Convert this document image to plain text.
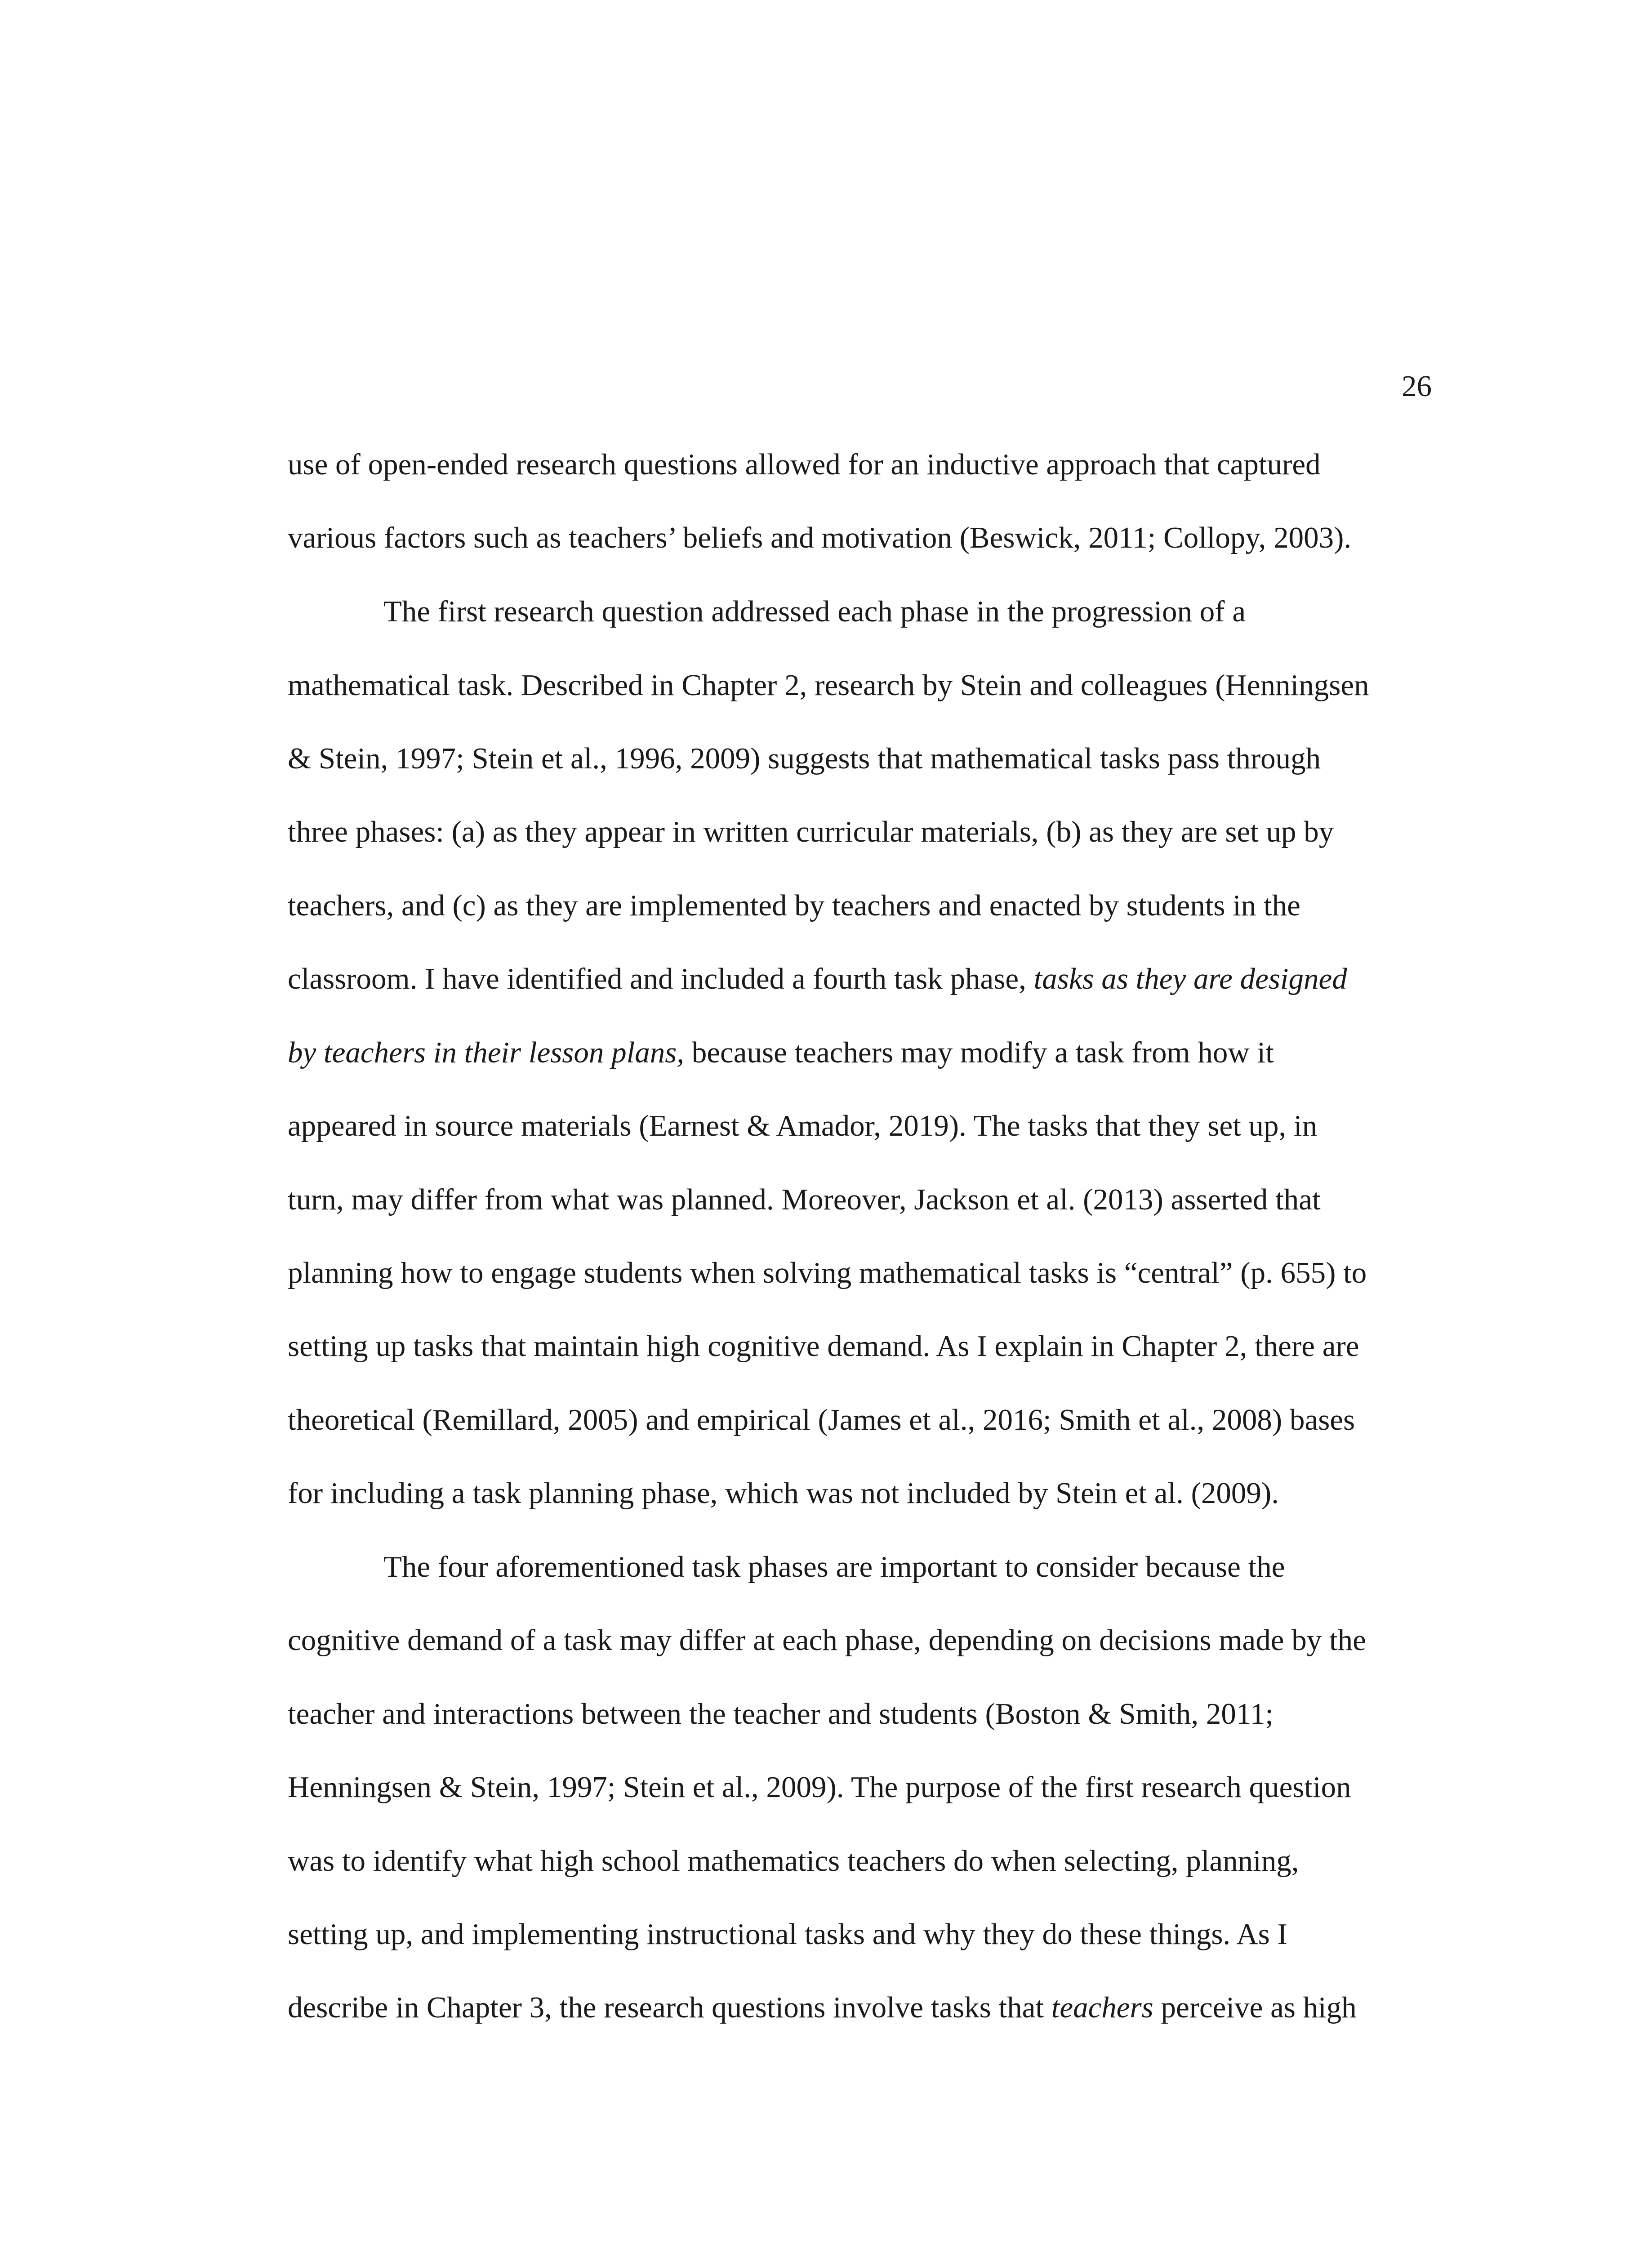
26
use of open-ended research questions allowed for an inductive approach that captured
various factors such as teachers’ beliefs and motivation (Beswick, 2011; Collopy, 2003).
The first research question addressed each phase in the progression of a
mathematical task. Described in Chapter 2, research by Stein and colleagues (Henningsen
& Stein, 1997; Stein et al., 1996, 2009) suggests that mathematical tasks pass through
three phases: (a) as they appear in written curricular materials, (b) as they are set up by
teachers, and (c) as they are implemented by teachers and enacted by students in the
classroom. I have identified and included a fourth task phase, tasks as they are designed
by teachers in their lesson plans, because teachers may modify a task from how it
appeared in source materials (Earnest & Amador, 2019). The tasks that they set up, in
turn, may differ from what was planned. Moreover, Jackson et al. (2013) asserted that
planning how to engage students when solving mathematical tasks is “central” (p. 655) to
setting up tasks that maintain high cognitive demand. As I explain in Chapter 2, there are
theoretical (Remillard, 2005) and empirical (James et al., 2016; Smith et al., 2008) bases
for including a task planning phase, which was not included by Stein et al. (2009).
The four aforementioned task phases are important to consider because the
cognitive demand of a task may differ at each phase, depending on decisions made by the
teacher and interactions between the teacher and students (Boston & Smith, 2011;
Henningsen & Stein, 1997; Stein et al., 2009). The purpose of the first research question
was to identify what high school mathematics teachers do when selecting, planning,
setting up, and implementing instructional tasks and why they do these things. As I
describe in Chapter 3, the research questions involve tasks that teachers perceive as high
